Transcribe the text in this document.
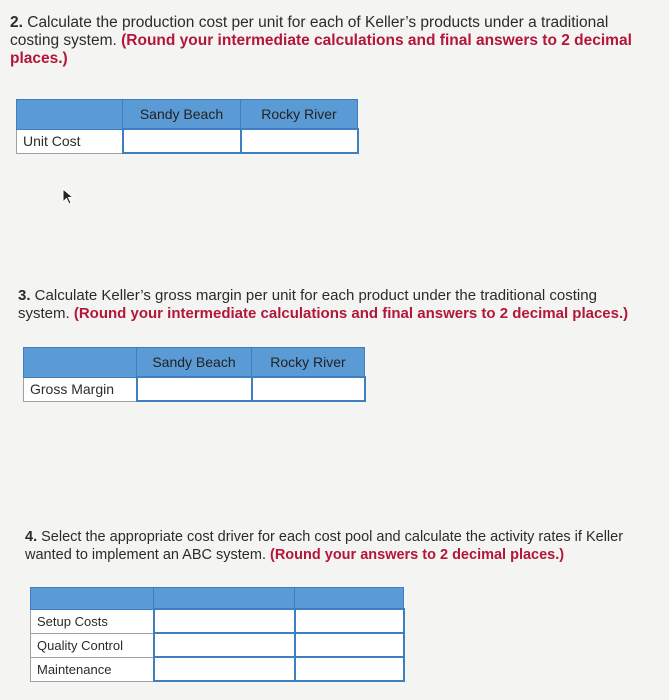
2. Calculate the production cost per unit for each of Keller’s products under a traditional costing system. (Round your intermediate calculations and final answers to 2 decimal places.)

	Sandy Beach	Rocky River
Unit Cost		

3. Calculate Keller’s gross margin per unit for each product under the traditional costing system. (Round your intermediate calculations and final answers to 2 decimal places.)

	Sandy Beach	Rocky River
Gross Margin		

4. Select the appropriate cost driver for each cost pool and calculate the activity rates if Keller wanted to implement an ABC system. (Round your answers to 2 decimal places.)

Setup Costs		
Quality Control		
Maintenance		
